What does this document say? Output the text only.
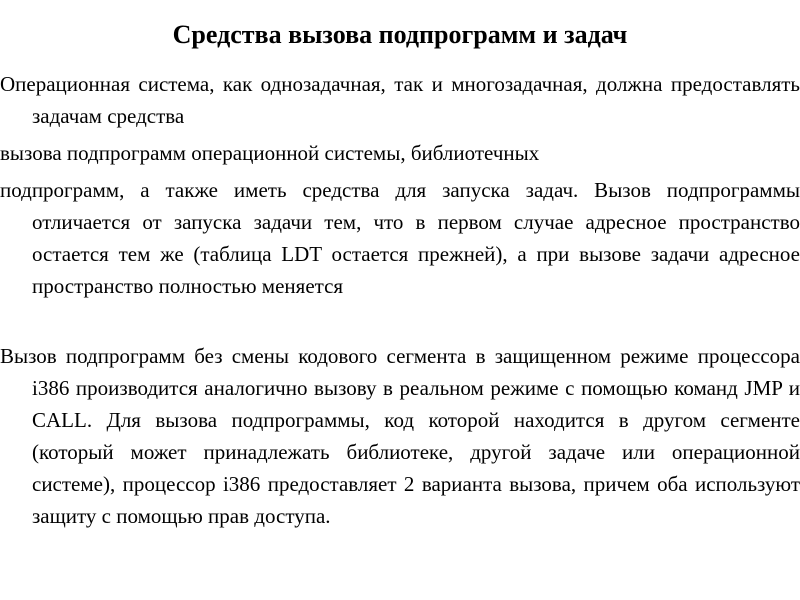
Средства вызова подпрограмм и задач

Операционная система, как однозадачная, так и многозадачная, должна предоставлять задачам средства

вызова подпрограмм операционной системы, библиотечных

подпрограмм, а также иметь средства для запуска задач. Вызов подпрограммы отличается от запуска задачи тем, что в первом случае адресное пространство остается тем же (таблица LDT остается прежней), а при вызове задачи адресное пространство полностью меняется

Вызов подпрограмм без смены кодового сегмента в защищенном режиме процессора i386 производится аналогично вызову в реальном режиме с помощью команд JMP и CALL. Для вызова подпрограммы, код которой находится в другом сегменте (который может принадлежать библиотеке, другой задаче или операционной системе), процессор i386 предоставляет 2 варианта вызова, причем оба используют защиту с помощью прав доступа.
